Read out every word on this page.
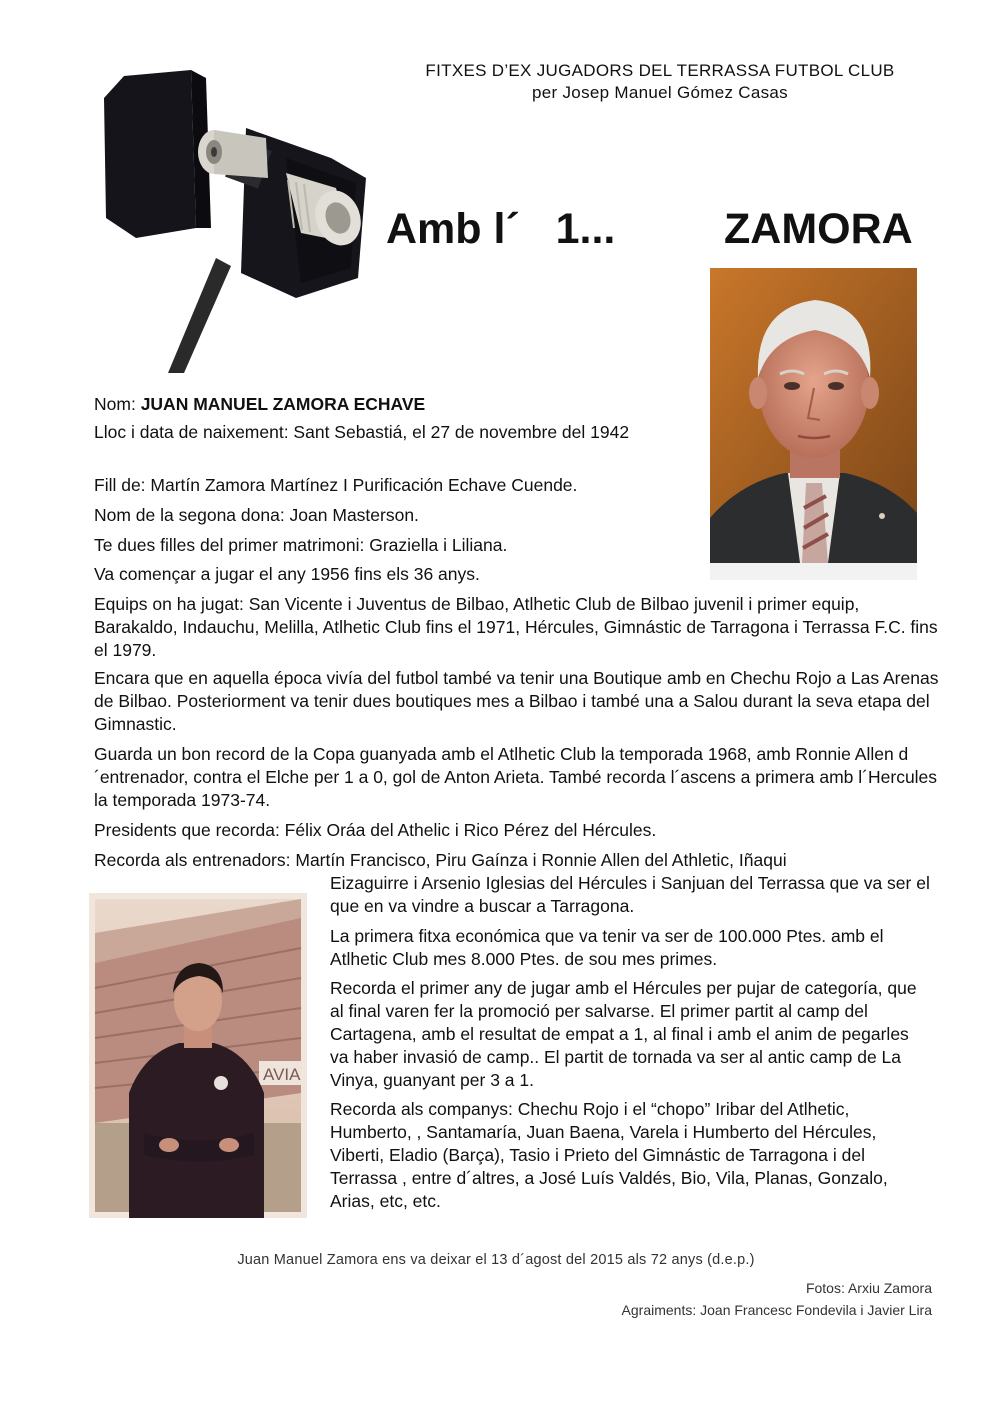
FITXES D’EX JUGADORS DEL TERRASSA FUTBOL CLUB
per Josep Manuel Gómez Casas
Amb l´   1...	ZAMORA
Nom: JUAN MANUEL ZAMORA ECHAVE
Lloc i data de naixement: Sant Sebastiá, el 27 de novembre del 1942
Fill de: Martín Zamora Martínez I Purificación Echave Cuende.
Nom de la segona dona: Joan Masterson.
Te dues filles del primer matrimoni: Graziella i Liliana.
Va començar a jugar el any 1956 fins els 36 anys.
Equips on ha jugat: San Vicente i Juventus de Bilbao, Atlhetic Club de Bilbao juvenil i primer equip, Barakaldo, Indauchu, Melilla, Atlhetic Club fins el 1971, Hércules, Gimnástic de Tarragona i Terrassa F.C. fins el 1979.
Encara que en aquella época vivía del futbol també va tenir una Boutique amb en Chechu Rojo a Las Arenas de Bilbao. Posteriorment va tenir dues boutiques mes a Bilbao i també una a Salou durant la seva etapa del Gimnastic.
Guarda un bon record de la Copa guanyada amb el Atlhetic Club la temporada 1968, amb Ronnie Allen d´entrenador, contra el Elche per 1 a 0, gol de Anton Arieta. També recorda l´ascens a primera amb l´Hercules la temporada 1973-74.
Presidents que recorda: Félix Oráa del Athelic i Rico Pérez del Hércules.
Recorda als entrenadors: Martín Francisco, Piru Gaínza i Ronnie Allen del Athletic, Iñaqui
AVIA
Eizaguirre i Arsenio Iglesias del Hércules i Sanjuan del Terrassa que va ser el que en va vindre a buscar a Tarragona.
La primera fitxa económica que va tenir va ser de 100.000 Ptes. amb el Atlhetic Club mes 8.000 Ptes. de sou mes primes.
Recorda el primer any de jugar amb el Hércules per pujar de categoría, que al final varen fer la promoció per salvarse. El primer partit al camp del Cartagena, amb el resultat de empat a 1, al final i amb el anim de pegarles va haber invasió de camp.. El partit de tornada va ser al antic camp de La Vinya, guanyant per 3 a 1.
Recorda als companys: Chechu Rojo i el “chopo” Iribar del Atlhetic, Humberto, , Santamaría, Juan Baena, Varela i Humberto del Hércules, Viberti, Eladio (Barça), Tasio i Prieto del Gimnástic de Tarragona i del Terrassa , entre d´altres, a José Luís Valdés, Bio, Vila, Planas, Gonzalo, Arias, etc, etc.
Juan Manuel Zamora ens va deixar el 13 d´agost del 2015 als 72 anys (d.e.p.)
Fotos: Arxiu Zamora
Agraiments: Joan Francesc Fondevila i Javier Lira
